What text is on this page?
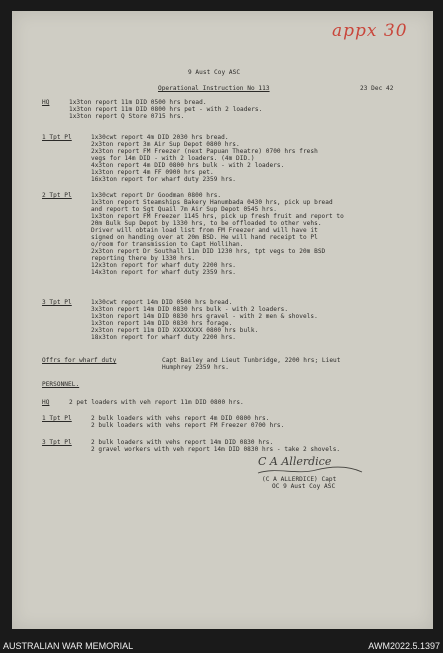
appx 30
9 Aust Coy ASC
Operational Instruction No 113	23 Dec 42
HQ	1x3ton report 11m DID 0500 hrs bread.
1x3ton report 11m DID 0800 hrs pet - with 2 loaders.
1x3ton report Q Store 0715 hrs.
1 Tpt Pl	1x30cwt report 4m DID 2030 hrs bread.
2x3ton report 3m Air Sup Depot 0800 hrs.
2x3ton report FM Freezer (next Papuan Theatre) 0700 hrs fresh
vegs for 14m DID - with 2 loaders. (4m DID.)
4x3ton report 4m DID 0800 hrs bulk - with 2 loaders.
1x3ton report 4m FF 0900 hrs pet.
16x3ton report for wharf duty 2359 hrs.
2 Tpt Pl	1x30cwt report Dr Goodman 0800 hrs.
1x3ton report Steamships Bakery Hanumbada 0430 hrs, pick up bread
and report to Sgt Quail 7m Air Sup Depot 0545 hrs.
1x3ton report FM Freezer 1145 hrs, pick up fresh fruit and report to
20m Bulk Sup Depot by 1330 hrs, to be offloaded to other vehs.
Driver will obtain load list from FM Freezer and will have it
signed on handing over at 20m BSD. He will hand receipt to Pl
o/room for transmission to Capt Hollihan.
2x3ton report Dr Southall 11m DID 1230 hrs, tpt vegs to 20m BSD
reporting there by 1330 hrs.
12x3ton report for wharf duty 2200 hrs.
14x3ton report for wharf duty 2359 hrs.
3 Tpt Pl	1x30cwt report 14m DID 0500 hrs bread.
3x3ton report 14m DID 0830 hrs bulk - with 2 loaders.
1x3ton report 14m DID 0830 hrs gravel - with 2 men & shovels.
1x3ton report 14m DID 0830 hrs forage.
2x3ton report 11m DID XXXXXXXX 0800 hrs bulk.
18x3ton report for wharf duty 2200 hrs.
Offrs for wharf duty	Capt Bailey and Lieut Tunbridge, 2200 hrs; Lieut
Humphrey 2359 hrs.
PERSONNEL.
HQ	2 pet loaders with veh report 11m DID 0800 hrs.
1 Tpt Pl	2 bulk loaders with vehs report 4m DID 0800 hrs.
2 bulk loaders with vehs report FM Freezer 0700 hrs.
3 Tpt Pl	2 bulk loaders with vehs report 14m DID 0830 hrs.
2 gravel workers with veh report 14m DID 0830 hrs - take 2 shovels.
C A Allerdice
(C A ALLERDICE) Capt
OC 9 Aust Coy ASC
AUSTRALIAN WAR MEMORIAL	AWM2022.5.1397
